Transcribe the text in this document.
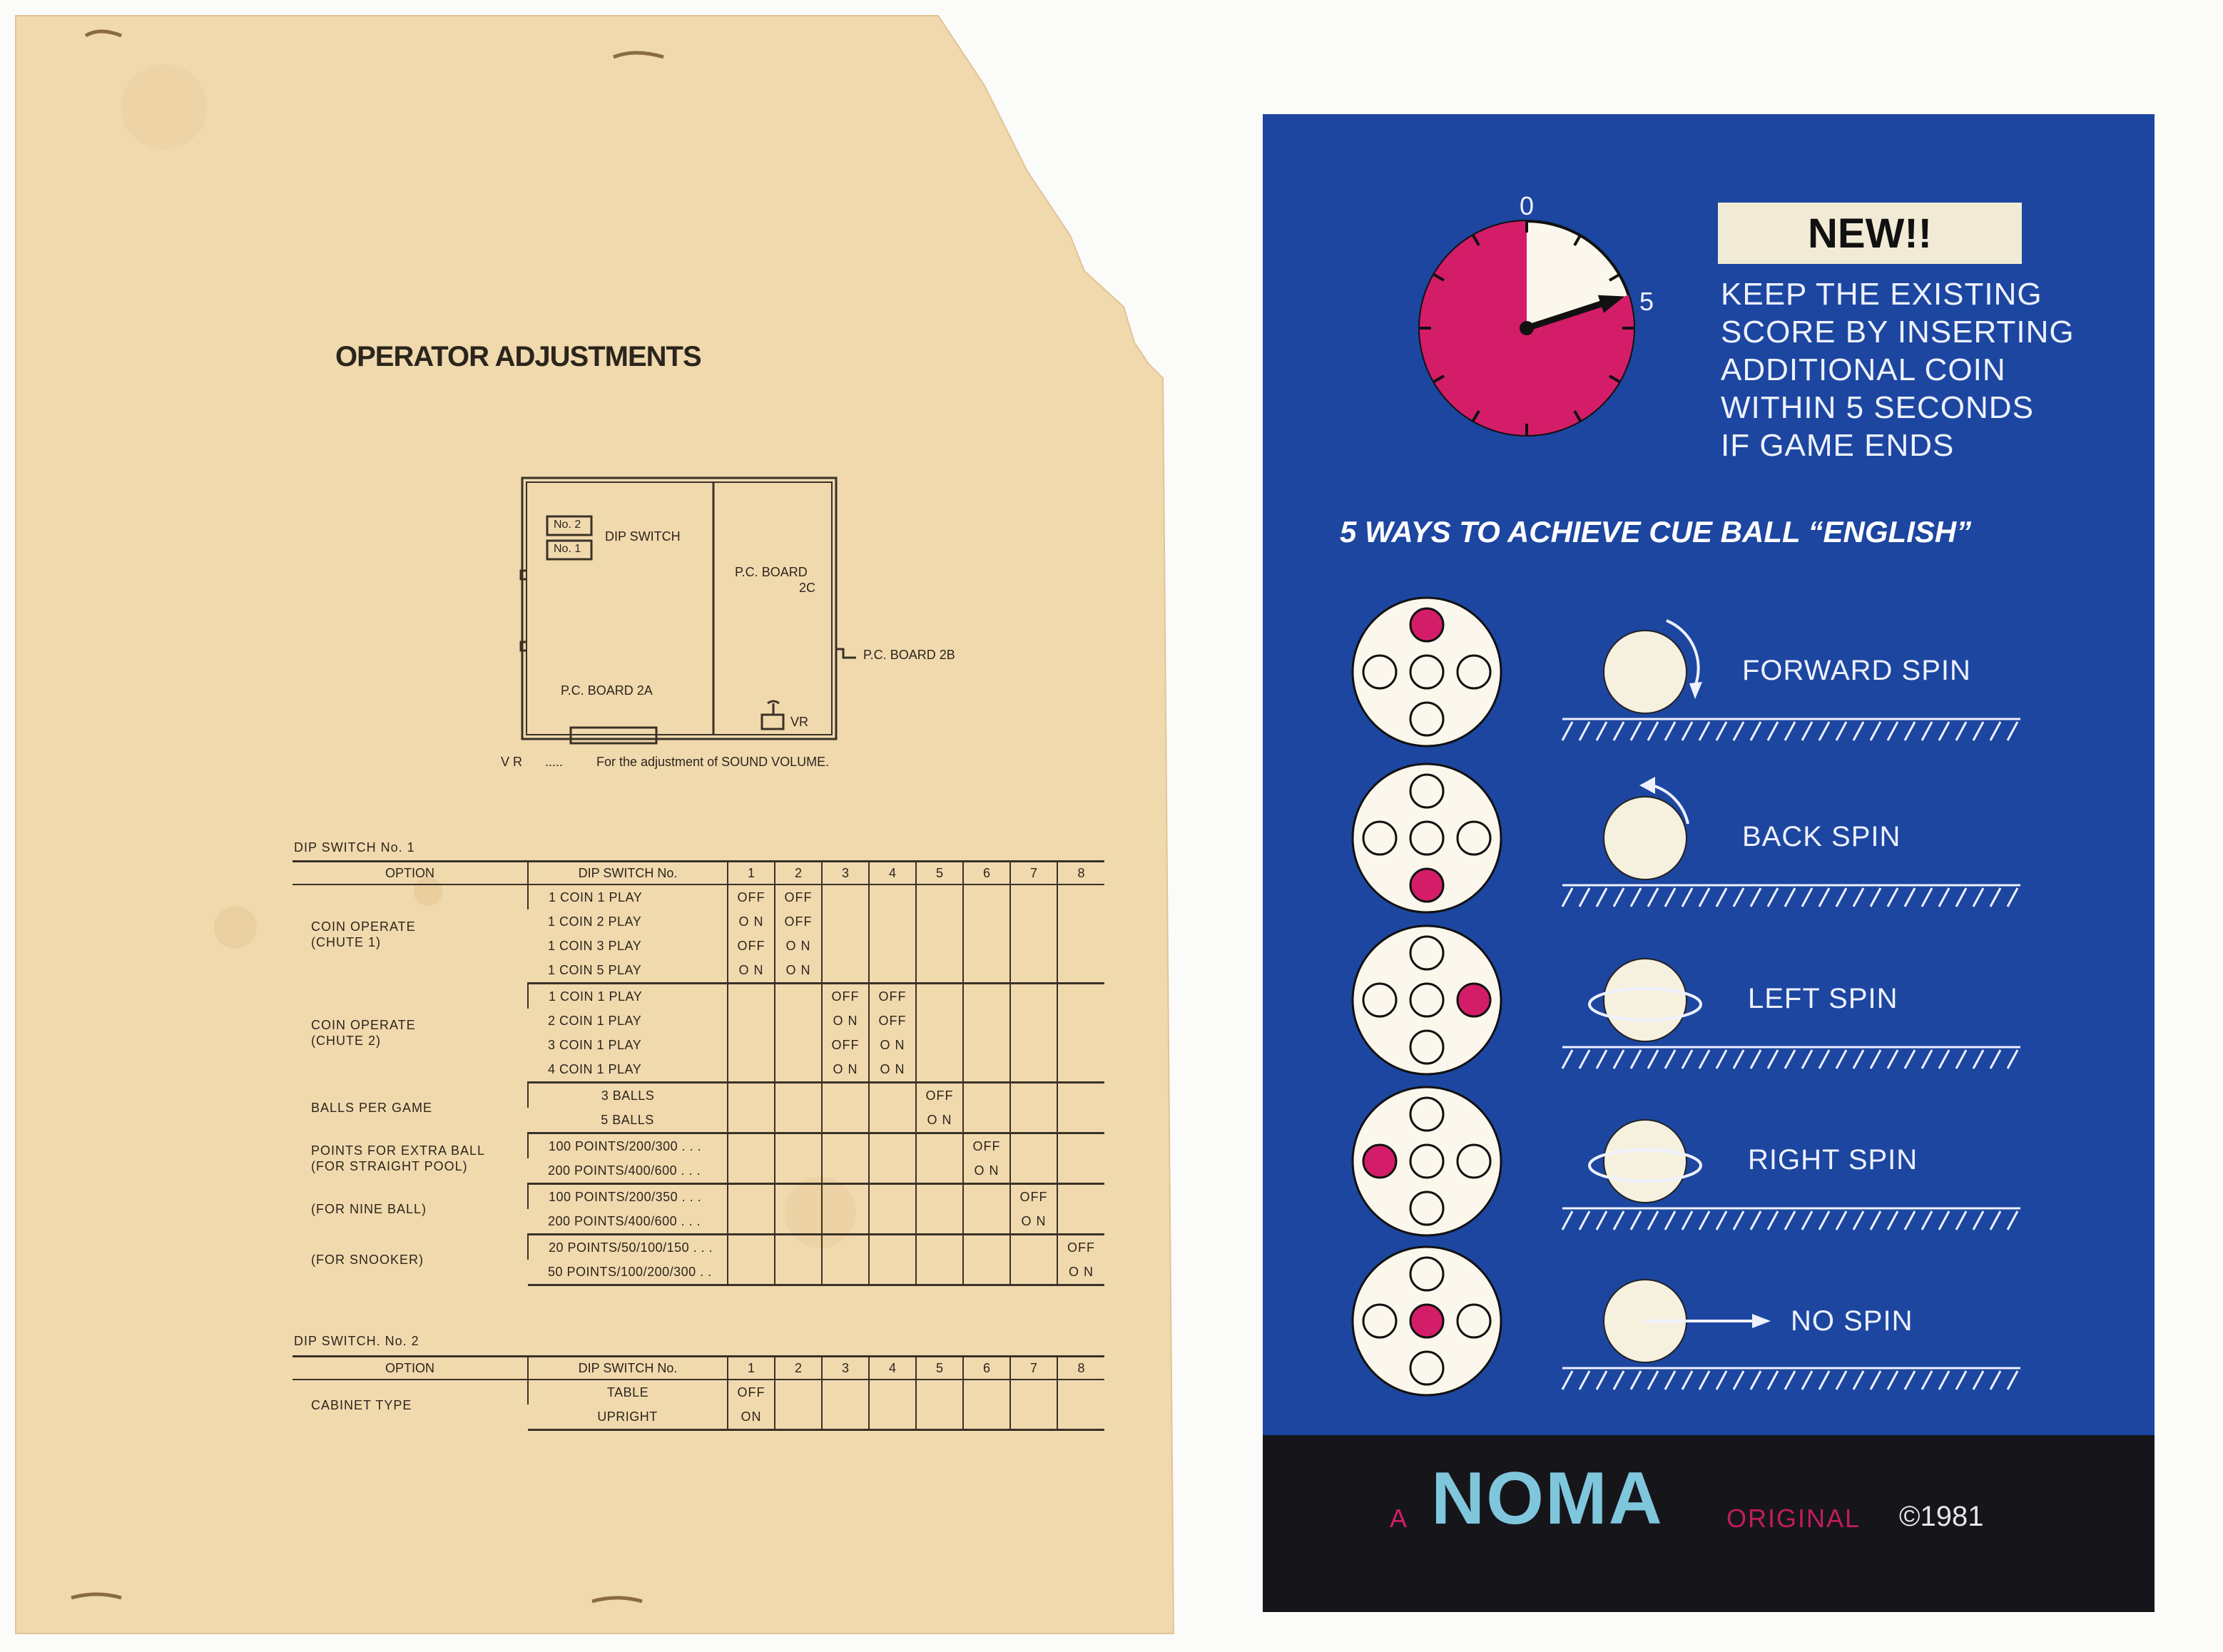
OPERATOR ADJUSTMENTS
No. 2
No. 1
DIP SWITCH
P.C. BOARD
2C
P.C. BOARD 2B
P.C. BOARD 2A
VR
V R .....	For the adjustment of SOUND VOLUME.
DIP SWITCH No. 1
OPTION	DIP SWITCH No.	1	2	3	4	5	6	7	8

COIN OPERATE
(CHUTE 1)	1 COIN 1 PLAY	OFF	OFF						
	1 COIN 2 PLAY	O N	OFF						
	1 COIN 3 PLAY	OFF	O N						
	1 COIN 5 PLAY	O N	O N						

COIN OPERATE
(CHUTE 2)	1 COIN 1 PLAY			OFF	OFF				
	2 COIN 1 PLAY			O N	OFF				
	3 COIN 1 PLAY			OFF	O N				
	4 COIN 1 PLAY			O N	O N				

BALLS PER GAME	3 BALLS					OFF			
	5 BALLS					O N			

POINTS FOR EXTRA BALL
(FOR STRAIGHT POOL)	100 POINTS/200/300 . . .						OFF		
	200 POINTS/400/600 . . .						O N		

(FOR NINE BALL)	100 POINTS/200/350 . . .							OFF	
	200 POINTS/400/600 . . .							O N	

(FOR SNOOKER)	20 POINTS/50/100/150 . . .								OFF
	50 POINTS/100/200/300 . .								O N
DIP SWITCH. No. 2
OPTION	DIP SWITCH No.	1	2	3	4	5	6	7	8

CABINET TYPE	TABLE	OFF							
	UPRIGHT	ON							
0
5
NEW!!
KEEP THE EXISTING
SCORE BY INSERTING
ADDITIONAL COIN
WITHIN 5 SECONDS
IF GAME ENDS
5 WAYS TO ACHIEVE CUE BALL “ENGLISH”
FORWARD SPIN
BACK SPIN
LEFT SPIN
RIGHT SPIN
NO SPIN
A NOMA ORIGINAL ©1981
